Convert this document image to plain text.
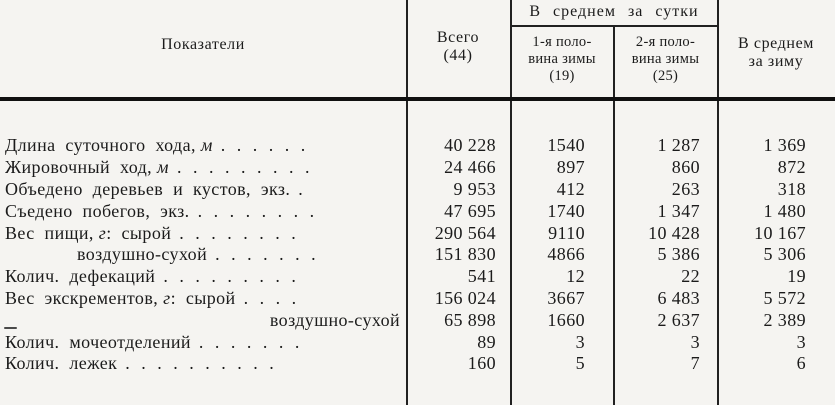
Показатели	Всего
(44)
В среднем за сутки
1-я поло-
вина зимы
(19)
2-я поло-
вина зимы
(25)
В среднем
за зиму
Длина суточного хода, м . . . . . .	40 228	1540	1 287	1 369
Жировочный ход, м . . . . . . . . .	24 466	897	860	872
Объедено деревьев и кустов, экз. .	9 953	412	263	318
Съедено побегов, экз. . . . . . . . .	47 695	1740	1 347	1 480
Вес пищи, г: сырой . . . . . . . .	290 564	9110	10 428	10 167
воздушно-сухой . . . . . . .	151 830	4866	5 386	5 306
Колич. дефекаций . . . . . . . . .	541	12	22	19
Вес экскрементов, г: сырой . . . .	156 024	3667	6 483	5 572
воздушно-сухой	65 898	1660	2 637	2 389
Колич. мочеотделений . . . . . . .	89	3	3	3
Колич. лежек . . . . . . . . . .	160	5	7	6
